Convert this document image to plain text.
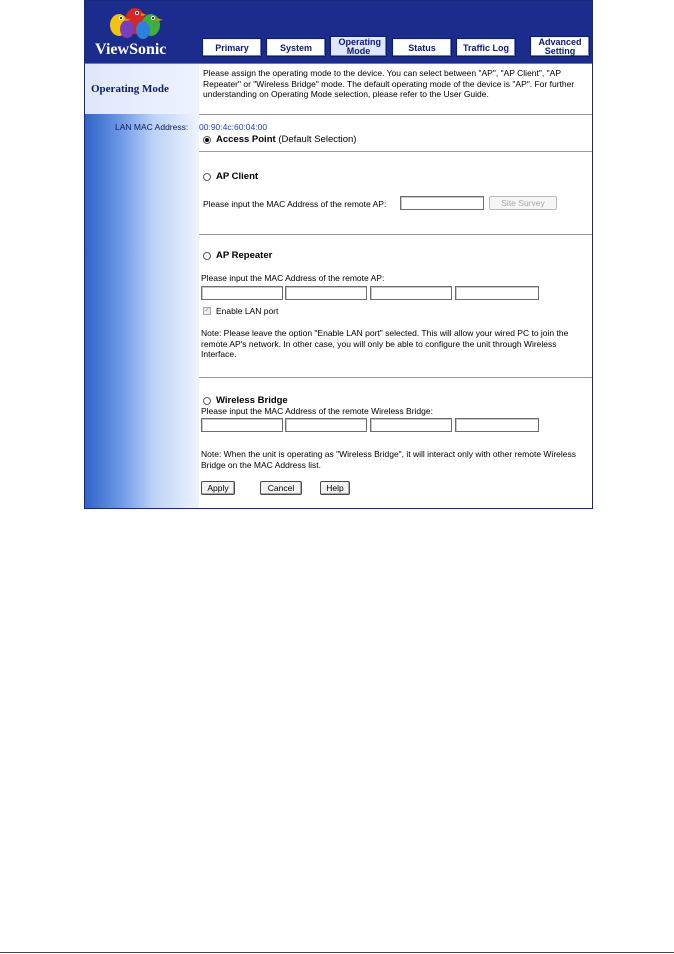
ViewSonic	Primary	System
Operating Mode	Status	Traffic Log
Advanced Setting
Operating Mode
LAN MAC Address: 00:90:4c:60:04:00
Please assign the operating mode to the device. You can select between "AP", "AP Client", "AP Repeater" or "Wireless Bridge" mode. The default operating mode of the device is "AP". For further understanding on Operating Mode selection, please refer to the User Guide.
Access Point
(Default Selection)
AP Client
Please input the MAC Address of the remote AP:	Site Survey
AP Repeater
Please input the MAC Address of the remote AP:
✓ Enable LAN port
Note: Please leave the option "Enable LAN port" selected. This will allow your wired PC to join the remote AP's network. In other case, you will only be able to configure the unit through Wireless Interface.
Wireless Bridge
Please input the MAC Address of the remote Wireless Bridge:
Note: When the unit is operating as "Wireless Bridge", it will interact only with other remote Wireless Bridge on the MAC Address list.
Apply	Cancel	Help
